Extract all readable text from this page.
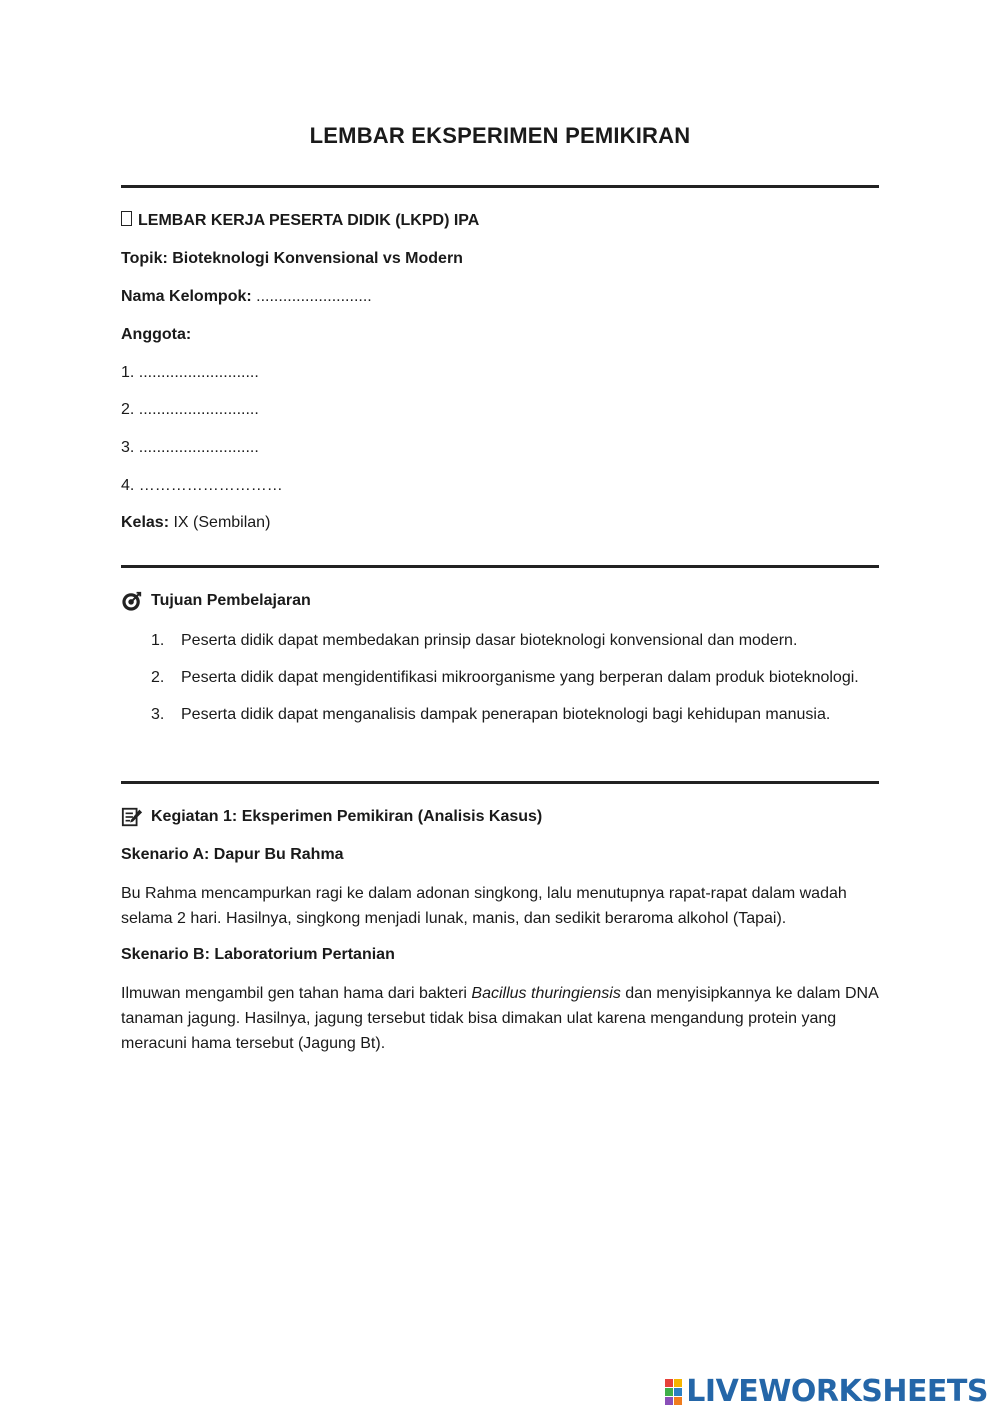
LEMBAR EKSPERIMEN PEMIKIRAN
LEMBAR KERJA PESERTA DIDIK (LKPD) IPA
Topik: Bioteknologi Konvensional vs Modern
Nama Kelompok: ..........................
Anggota:
1. ...........................
2. ...........................
3. ...........................
4. ………………………
Kelas: IX (Sembilan)
Tujuan Pembelajaran
1. Peserta didik dapat membedakan prinsip dasar bioteknologi konvensional dan modern.
2. Peserta didik dapat mengidentifikasi mikroorganisme yang berperan dalam produk bioteknologi.
3. Peserta didik dapat menganalisis dampak penerapan bioteknologi bagi kehidupan manusia.
Kegiatan 1: Eksperimen Pemikiran (Analisis Kasus)
Skenario A: Dapur Bu Rahma
Bu Rahma mencampurkan ragi ke dalam adonan singkong, lalu menutupnya rapat-rapat dalam wadah selama 2 hari. Hasilnya, singkong menjadi lunak, manis, dan sedikit beraroma alkohol (Tapai).
Skenario B: Laboratorium Pertanian
Ilmuwan mengambil gen tahan hama dari bakteri Bacillus thuringiensis dan menyisipkannya ke dalam DNA tanaman jagung. Hasilnya, jagung tersebut tidak bisa dimakan ulat karena mengandung protein yang meracuni hama tersebut (Jagung Bt).
LIVEWORKSHEETS
